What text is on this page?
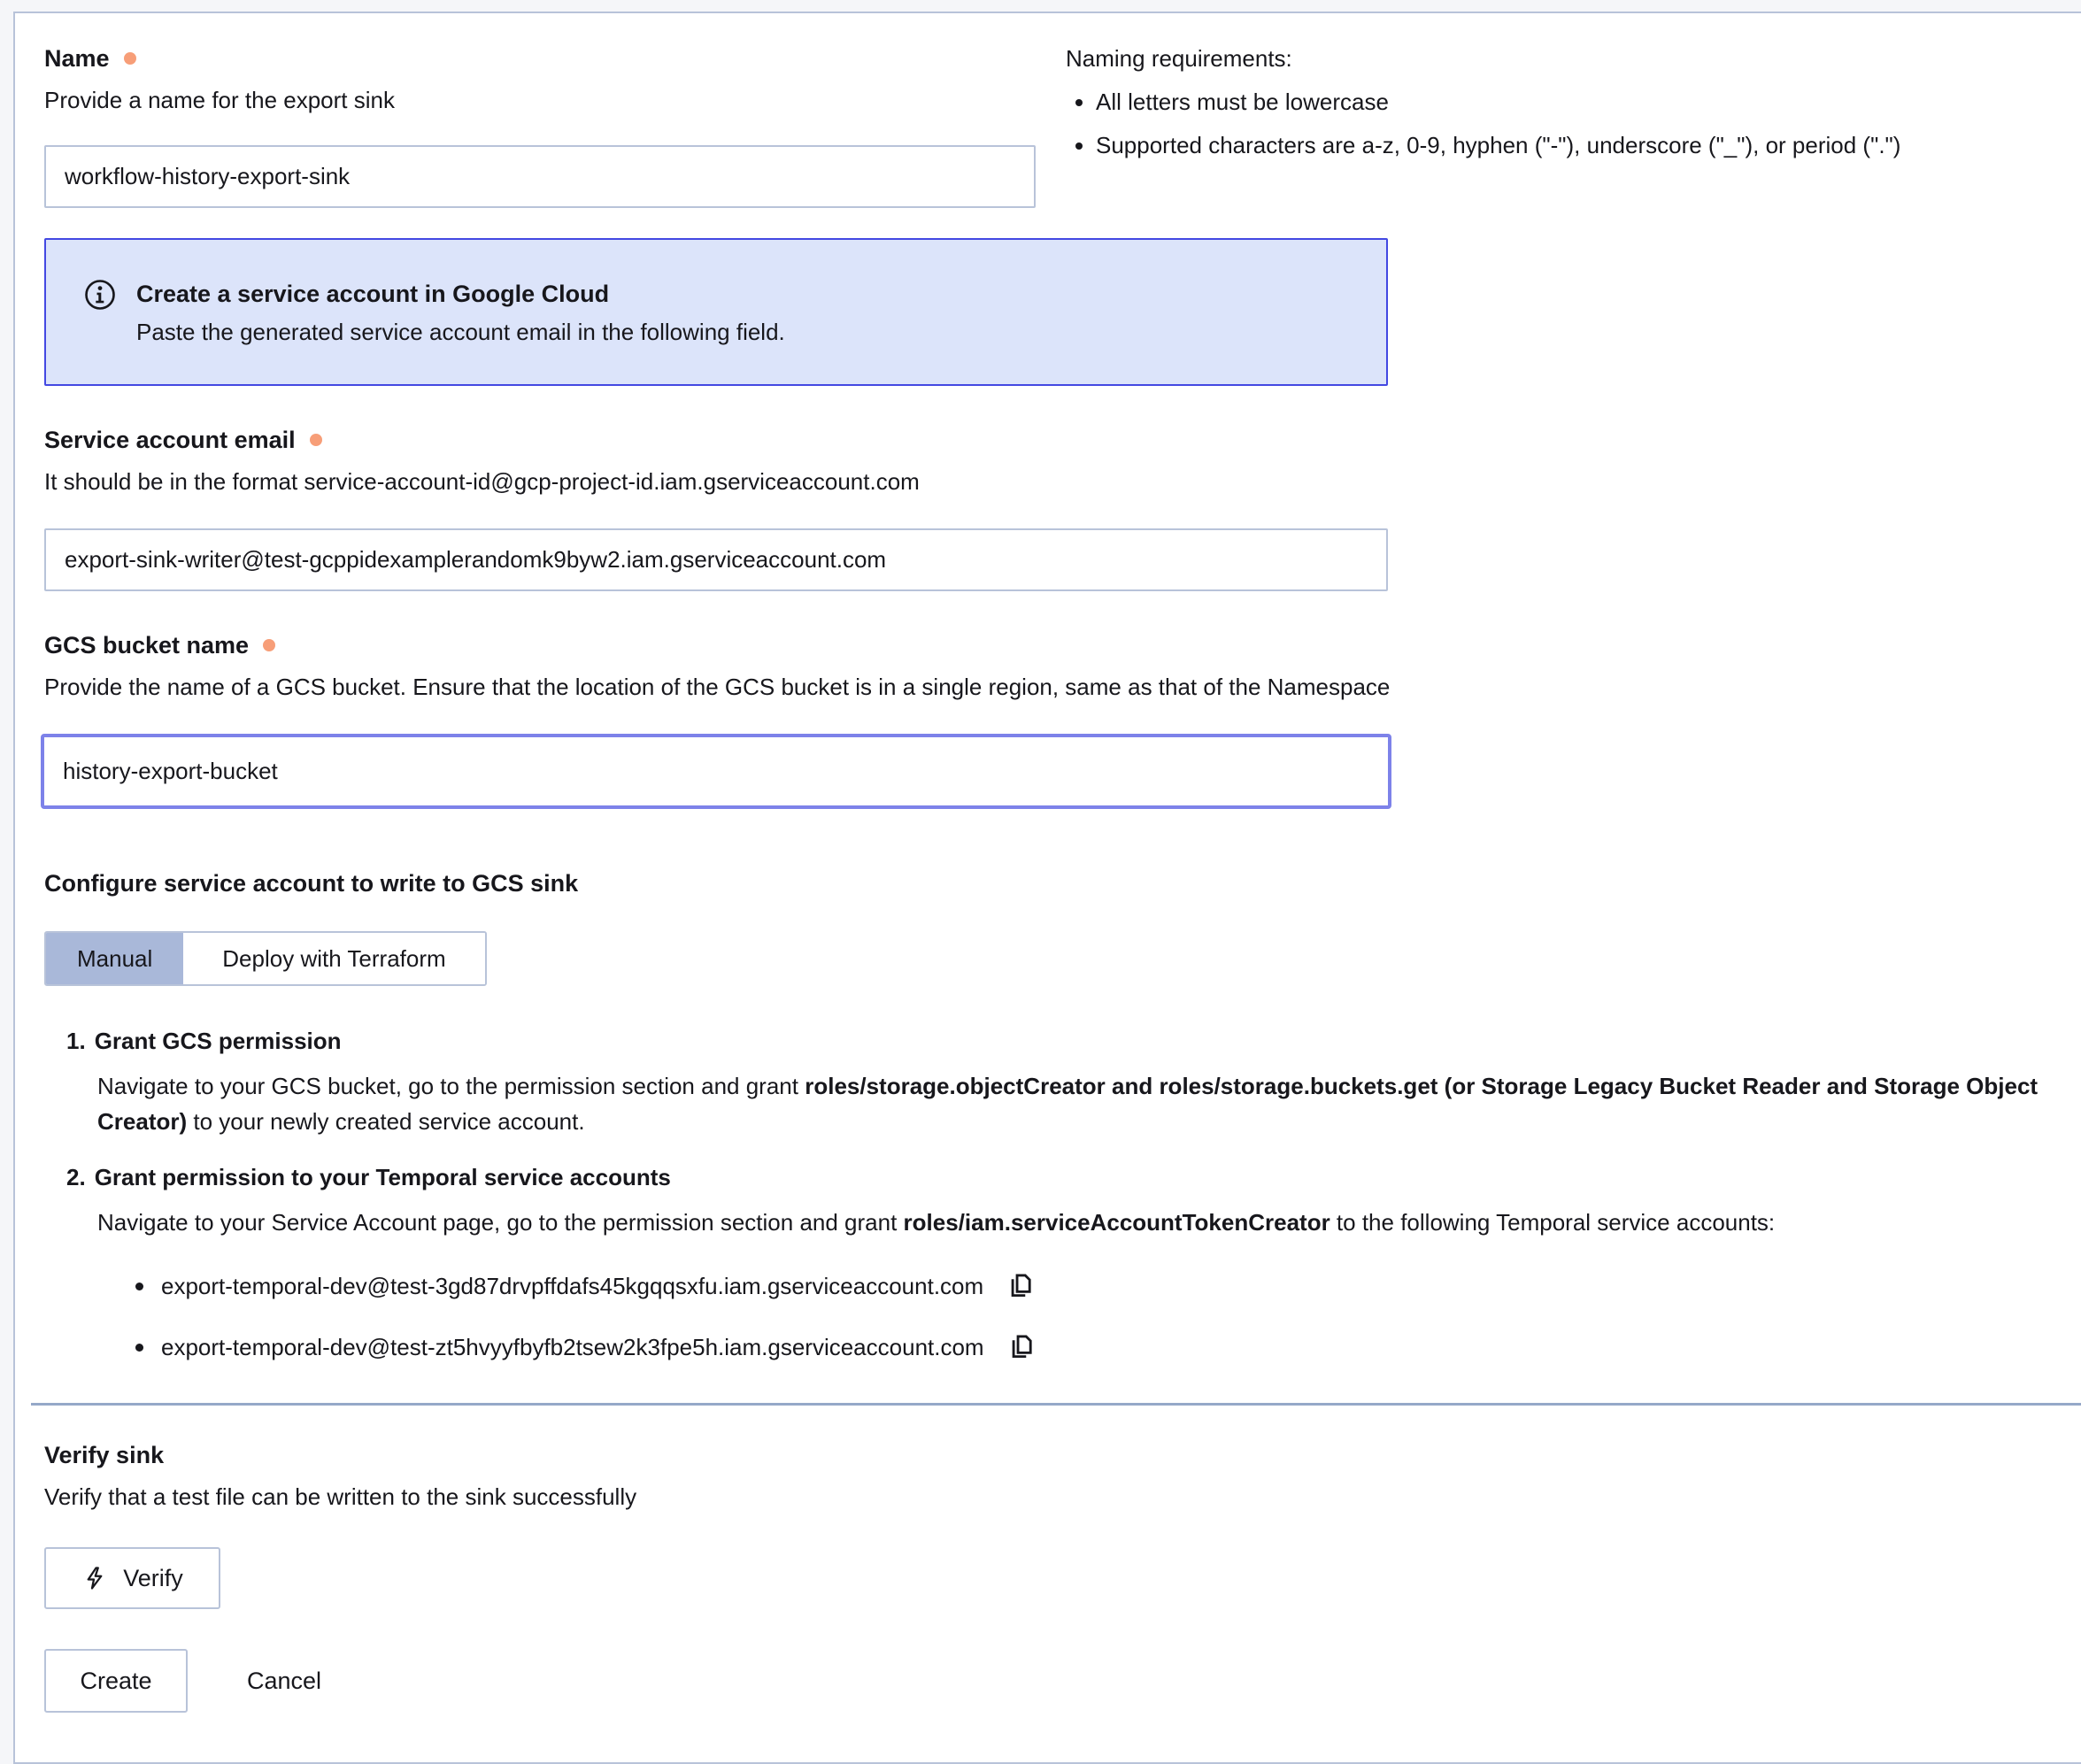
Name
Provide a name for the export sink
workflow-history-export-sink
Naming requirements:
• All letters must be lowercase
• Supported characters are a-z, 0-9, hyphen ("-"), underscore ("_"), or period (".")
Create a service account in Google Cloud
Paste the generated service account email in the following field.
Service account email
It should be in the format service-account-id@gcp-project-id.iam.gserviceaccount.com
export-sink-writer@test-gcppidexamplerandomk9byw2.iam.gserviceaccount.com
GCS bucket name
Provide the name of a GCS bucket. Ensure that the location of the GCS bucket is in a single region, same as that of the Namespace
history-export-bucket
Configure service account to write to GCS sink
Manual	Deploy with Terraform
1. Grant GCS permission

Navigate to your GCS bucket, go to the permission section and grant roles/storage.objectCreator and roles/storage.buckets.get (or Storage Legacy Bucket Reader and Storage Object Creator) to your newly created service account.

2. Grant permission to your Temporal service accounts

Navigate to your Service Account page, go to the permission section and grant roles/iam.serviceAccountTokenCreator to the following Temporal service accounts:

export-temporal-dev@test-3gd87drvpffdafs45kgqqsxfu.iam.gserviceaccount.com
export-temporal-dev@test-zt5hvyyfbyfb2tsew2k3fpe5h.iam.gserviceaccount.com
Verify sink
Verify that a test file can be written to the sink successfully
Verify
Create	Cancel
